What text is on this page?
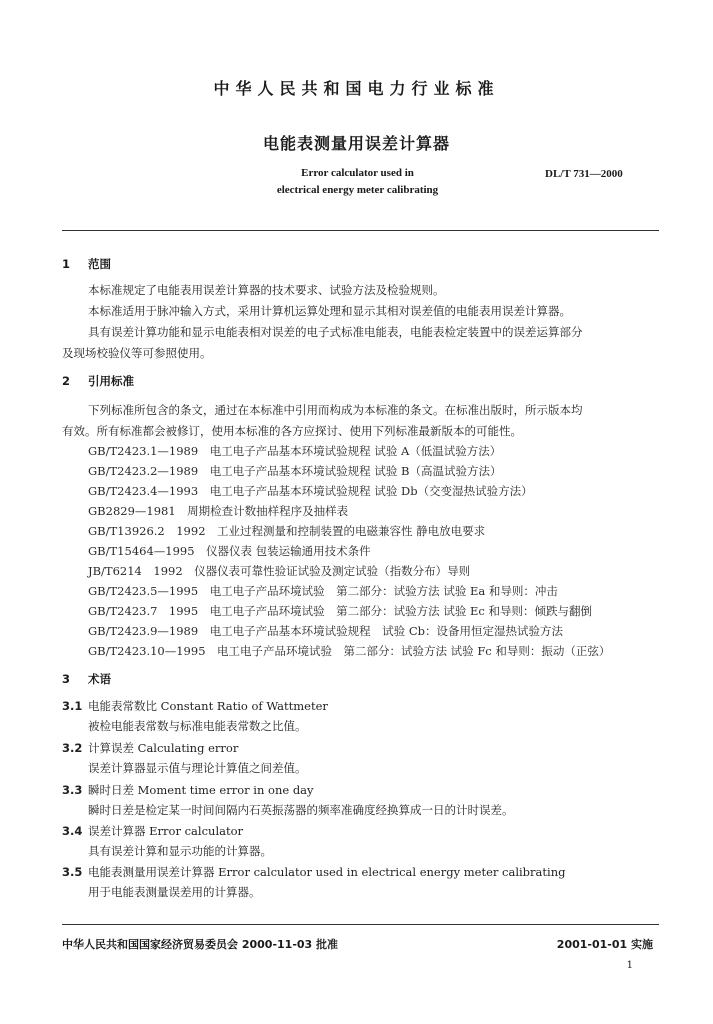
中华人民共和国电力行业标准
电能表测量用误差计算器
Error calculator used in
electrical energy meter calibrating
DL/T 731—2000
1 范围
本标准规定了电能表用误差计算器的技术要求、试验方法及检验规则。
本标准适用于脉冲输入方式，采用计算机运算处理和显示其相对误差值的电能表用误差计算器。
具有误差计算功能和显示电能表相对误差的电子式标准电能表，电能表检定装置中的误差运算部分
及现场校验仪等可参照使用。
2 引用标准
下列标准所包含的条文，通过在本标准中引用而构成为本标准的条文。在标准出版时，所示版本均
有效。所有标准都会被修订，使用本标准的各方应探讨、使用下列标准最新版本的可能性。
GB/T2423.1—1989　电工电子产品基本环境试验规程 试验 A（低温试验方法）
GB/T2423.2—1989　电工电子产品基本环境试验规程 试验 B（高温试验方法）
GB/T2423.4—1993　电工电子产品基本环境试验规程 试验 Db（交变湿热试验方法）
GB2829—1981　周期检查计数抽样程序及抽样表
GB/T13926.2　1992　工业过程测量和控制装置的电磁兼容性 静电放电要求
GB/T15464—1995　仪器仪表 包装运输通用技术条件
JB/T6214　1992　仪器仪表可靠性验证试验及测定试验（指数分布）导则
GB/T2423.5—1995　电工电子产品环境试验　第二部分：试验方法 试验 Ea 和导则：冲击
GB/T2423.7　1995　电工电子产品环境试验　第二部分：试验方法 试验 Ec 和导则：倾跌与翻倒
GB/T2423.9—1989　电工电子产品基本环境试验规程　试验 Cb：设备用恒定湿热试验方法
GB/T2423.10—1995　电工电子产品环境试验　第二部分：试验方法 试验 Fc 和导则：振动（正弦）
3 术语
3.1 电能表常数比 Constant Ratio of Wattmeter
被检电能表常数与标准电能表常数之比值。
3.2 计算误差 Calculating error
误差计算器显示值与理论计算值之间差值。
3.3 瞬时日差 Moment time error in one day
瞬时日差是检定某一时间间隔内石英振荡器的频率准确度经换算成一日的计时误差。
3.4 误差计算器 Error calculator
具有误差计算和显示功能的计算器。
3.5 电能表测量用误差计算器 Error calculator used in electrical energy meter calibrating
用于电能表测量误差用的计算器。
中华人民共和国国家经济贸易委员会 2000-11-03 批准	2001-01-01 实施
1
